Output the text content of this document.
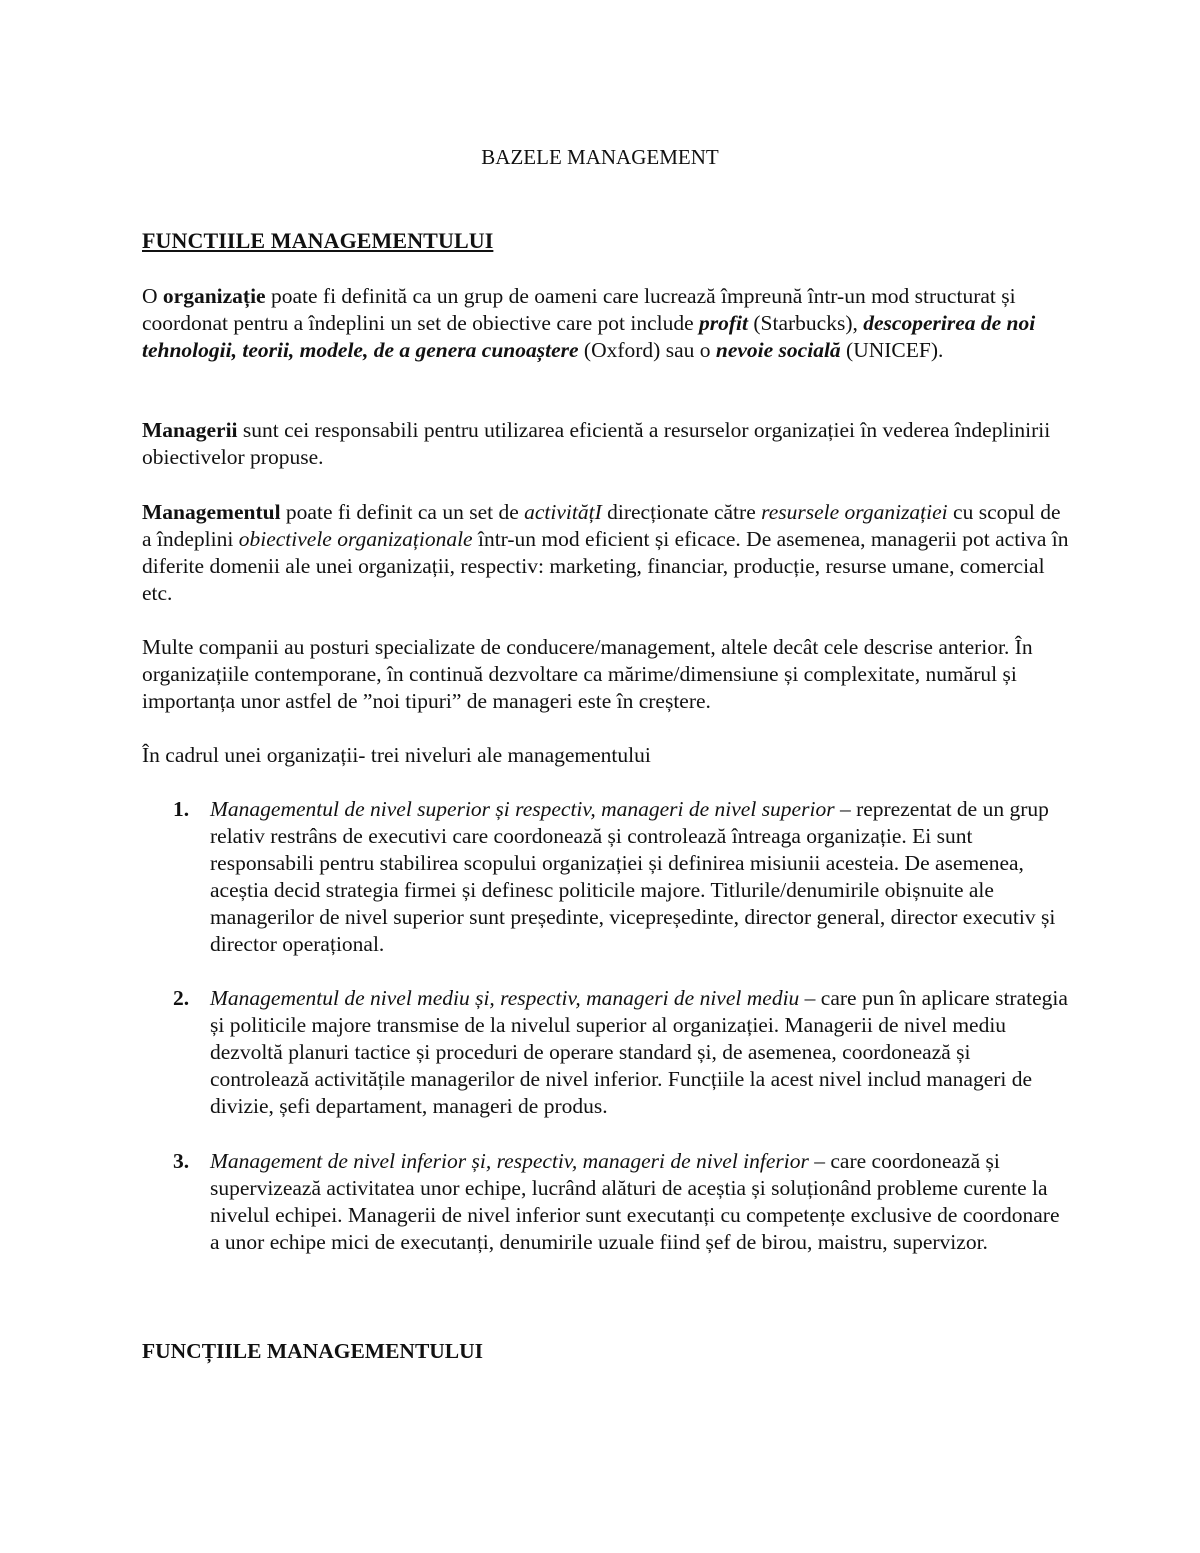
BAZELE MANAGEMENT
FUNCTIILE MANAGEMENTULUI

O organizație poate fi definită ca un grup de oameni care lucrează împreună într-un mod structurat și coordonat pentru a îndeplini un set de obiective care pot include profit (Starbucks), descoperirea de noi tehnologii, teorii, modele, de a genera cunoaștere (Oxford) sau o nevoie socială (UNICEF).

Managerii sunt cei responsabili pentru utilizarea eficientă a resurselor organizației în vederea îndeplinirii obiectivelor propuse.

Managementul poate fi definit ca un set de activitățI direcționate către resursele organizației cu scopul de a îndeplini obiectivele organizaționale într-un mod eficient și eficace. De asemenea, managerii pot activa în diferite domenii ale unei organizații, respectiv: marketing, financiar, producție, resurse umane, comercial etc.

Multe companii au posturi specializate de conducere/management, altele decât cele descrise anterior. În organizațiile contemporane, în continuă dezvoltare ca mărime/dimensiune și complexitate, numărul și importanța unor astfel de ”noi tipuri” de manageri este în creștere.

În cadrul unei organizații- trei niveluri ale managementului

1. Managementul de nivel superior și respectiv, manageri de nivel superior – reprezentat de un grup relativ restrâns de executivi care coordonează și controlează întreaga organizație. Ei sunt responsabili pentru stabilirea scopului organizației și definirea misiunii acesteia. De asemenea, aceștia decid strategia firmei și definesc politicile majore. Titlurile/denumirile obișnuite ale managerilor de nivel superior sunt președinte, vicepreședinte, director general, director executiv și director operațional.
2. Managementul de nivel mediu și, respectiv, manageri de nivel mediu – care pun în aplicare strategia și politicile majore transmise de la nivelul superior al organizației. Managerii de nivel mediu dezvoltă planuri tactice și proceduri de operare standard și, de asemenea, coordonează și controlează activitățile managerilor de nivel inferior. Funcțiile la acest nivel includ manageri de divizie, șefi departament, manageri de produs.
3. Management de nivel inferior și, respectiv, manageri de nivel inferior – care coordonează și supervizează activitatea unor echipe, lucrând alături de aceștia și soluționând probleme curente la nivelul echipei. Managerii de nivel inferior sunt executanți cu competențe exclusive de coordonare a unor echipe mici de executanți, denumirile uzuale fiind șef de birou, maistru, supervizor.
FUNCȚIILE MANAGEMENTULUI
